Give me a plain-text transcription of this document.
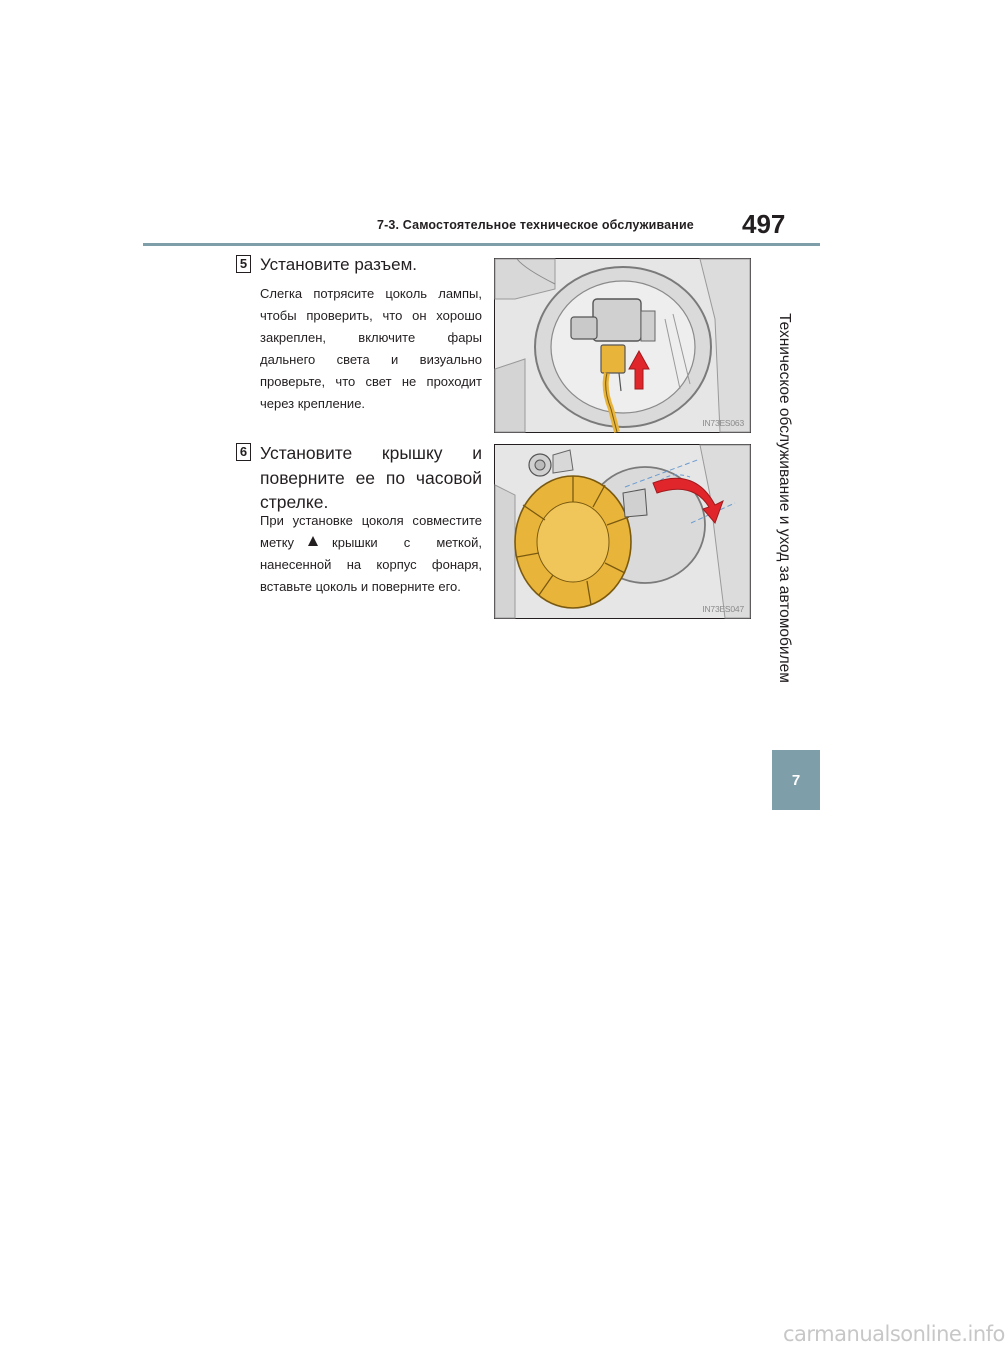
7-3. Самостоятельное техническое обслуживание 497
Техническое обслуживание и уход за автомобилем
7
5 Установите разъем.
Слегка потрясите цоколь лампы, чтобы проверить, что он хорошо закреплен, включите фары дальнего света и визуально проверьте, что свет не проходит через крепление.
IN73ES063
6 Установите крышку и поверните ее по часовой стрелке.
При установке цоколя совместите метку	крышки с меткой, нанесенной на корпус фонаря, вставьте цоколь и поверните его.
IN73ES047
carmanualsonline.info
